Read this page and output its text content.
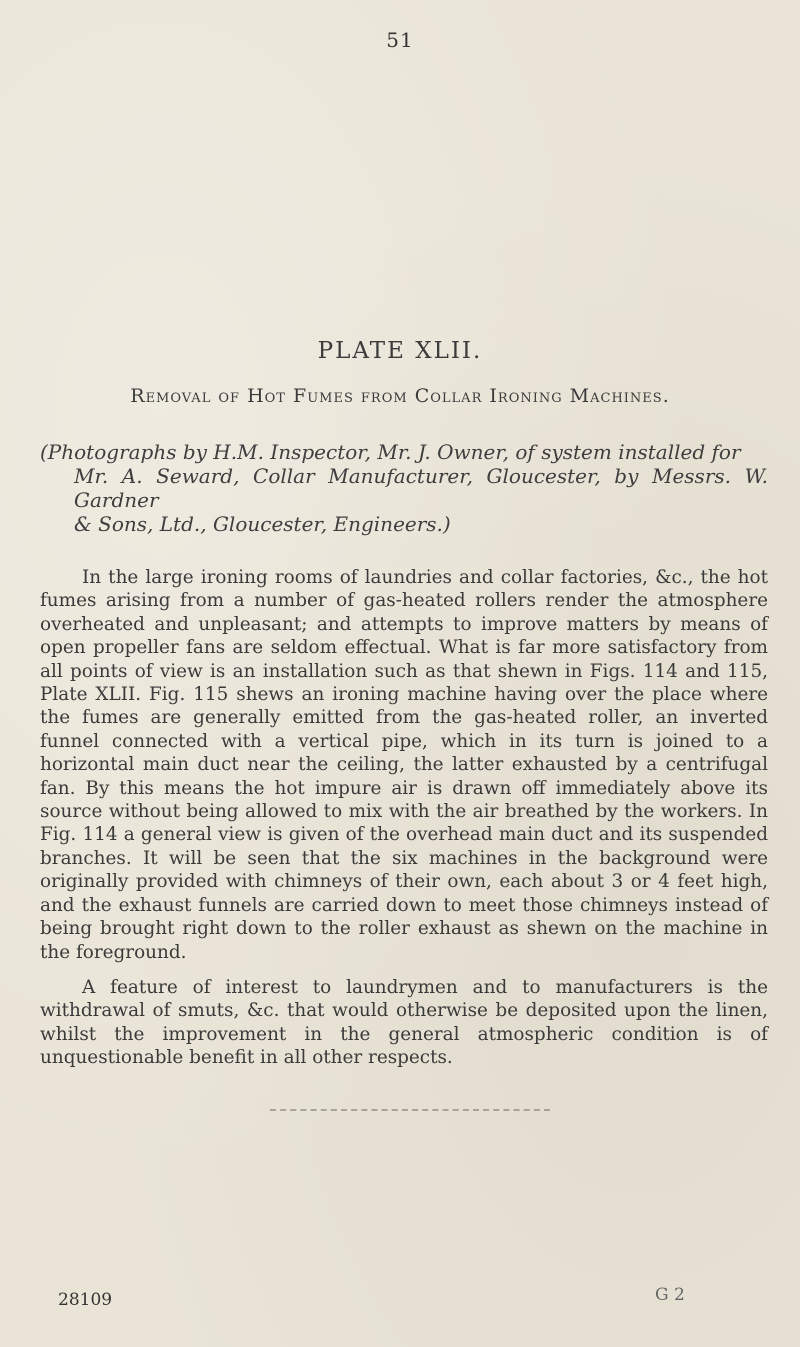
51
PLATE XLII.
Removal of Hot Fumes from Collar Ironing Machines.
(Photographs by H.M. Inspector, Mr. J. Owner, of system installed for
Mr. A. Seward, Collar Manufacturer, Gloucester, by Messrs. W. Gardner
& Sons, Ltd., Gloucester, Engineers.)

In the large ironing rooms of laundries and collar factories, &c., the hot fumes arising from a number of gas-heated rollers render the atmosphere overheated and unpleasant; and attempts to improve matters by means of open propeller fans are seldom effectual. What is far more satisfactory from all points of view is an installation such as that shewn in Figs. 114 and 115, Plate XLII. Fig. 115 shews an ironing machine having over the place where the fumes are generally emitted from the gas-heated roller, an inverted funnel connected with a vertical pipe, which in its turn is joined to a horizontal main duct near the ceiling, the latter exhausted by a centrifugal fan. By this means the hot impure air is drawn off immediately above its source without being allowed to mix with the air breathed by the workers. In Fig. 114 a general view is given of the overhead main duct and its suspended branches. It will be seen that the six machines in the background were originally provided with chimneys of their own, each about 3 or 4 feet high, and the exhaust funnels are carried down to meet those chimneys instead of being brought right down to the roller exhaust as shewn on the machine in the foreground.

A feature of interest to laundrymen and to manufacturers is the withdrawal of smuts, &c. that would otherwise be deposited upon the linen, whilst the improvement in the general atmospheric condition is of unquestionable benefit in all other respects.

28109	G 2
